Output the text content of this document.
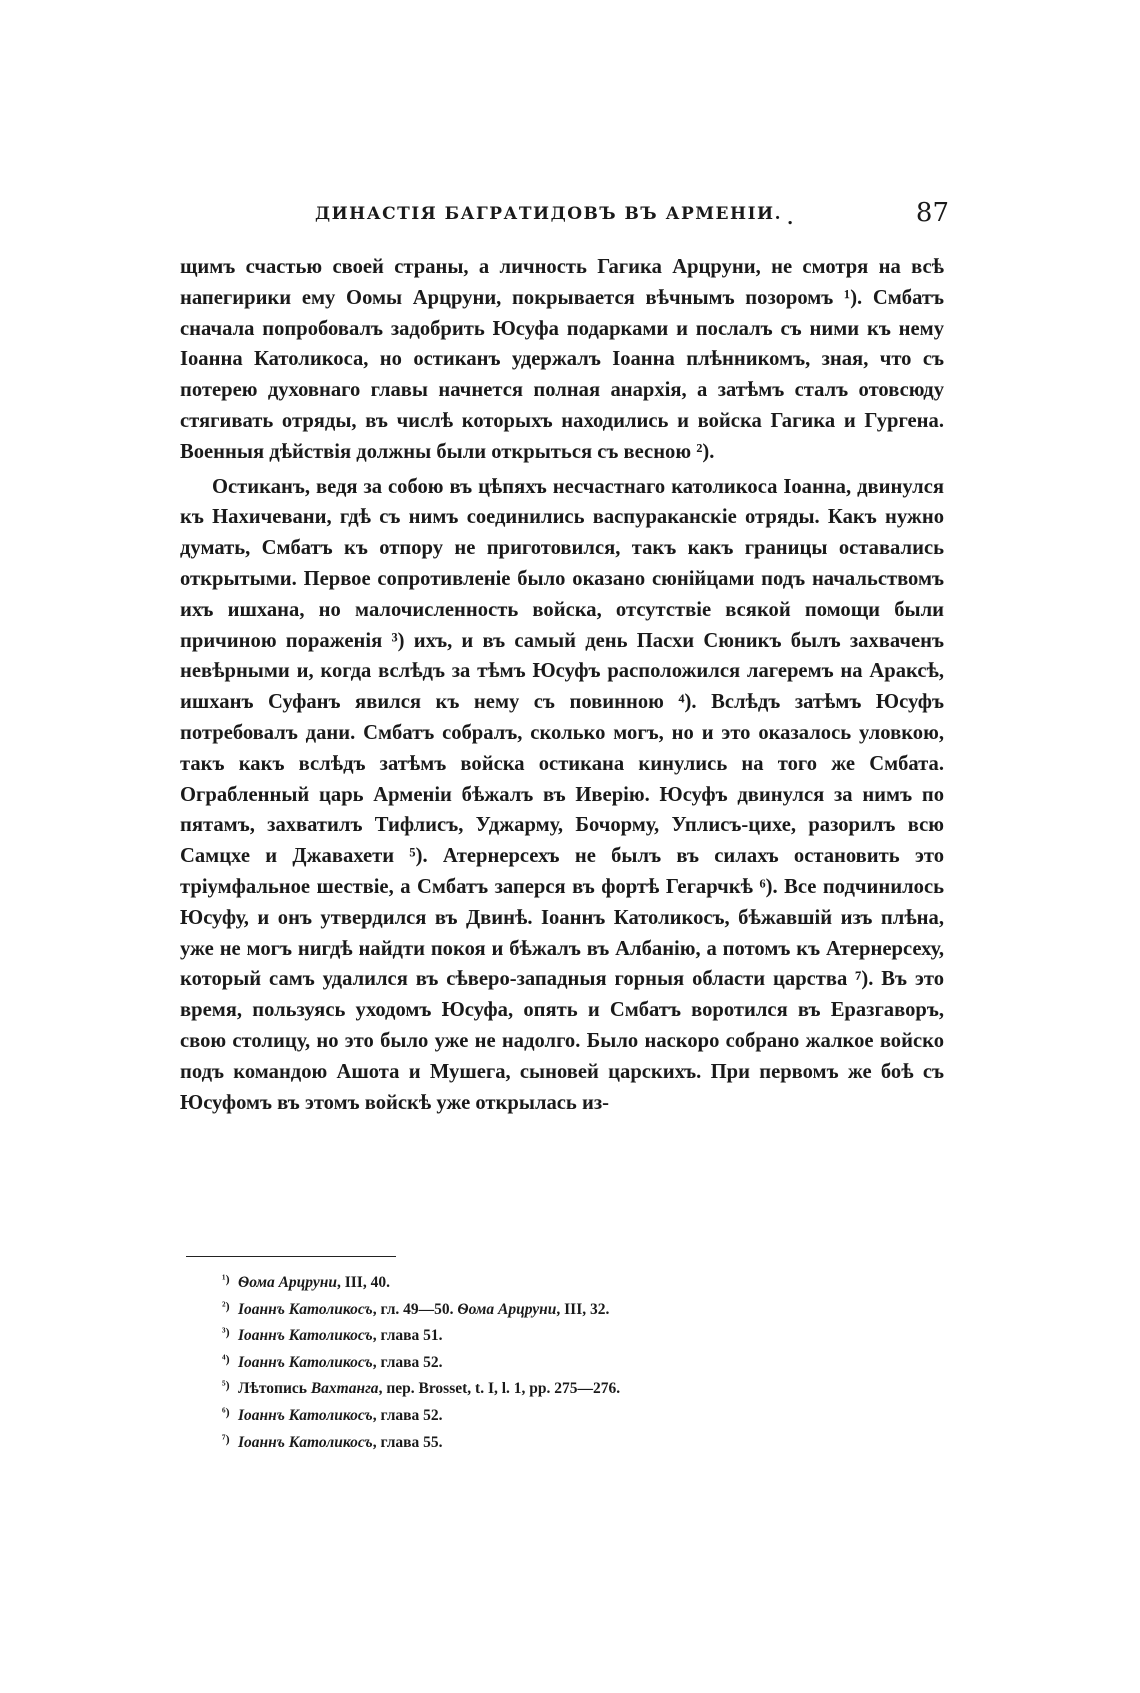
ДИНАСТІЯ БАГРАТИДОВЪ ВЪ АРМЕНІИ. .	87

щимъ счастью своей страны, а личность Гагика Арцруни, не смотря на всѣ напегирики ему Оомы Арцруни, покрывается вѣчнымъ позоромъ ¹). Смбатъ сначала попробовалъ задобрить Юсуфа подарками и послалъ съ ними къ нему Іоанна Католикоса, но остиканъ удержалъ Іоанна плѣнникомъ, зная, что съ потерею духовнаго главы начнется полная анархія, а затѣмъ сталъ отовсюду стягивать отряды, въ числѣ которыхъ находились и войска Гагика и Гургена. Военныя дѣйствія должны были открыться съ весною ²).

Остиканъ, ведя за собою въ цѣпяхъ несчастнаго католикоса Іоанна, двинулся къ Нахичевани, гдѣ съ нимъ соединились васпураканскіе отряды. Какъ нужно думать, Смбатъ къ отпору не приготовился, такъ какъ границы оставались открытыми. Первое сопротивленіе было оказано сюнійцами подъ начальствомъ ихъ ишхана, но малочисленность войска, отсутствіе всякой помощи были причиною пораженія ³) ихъ, и въ самый день Пасхи Сюникъ былъ захваченъ невѣрными и, когда вслѣдъ за тѣмъ Юсуфъ расположился лагеремъ на Араксѣ, ишханъ Суфанъ явился къ нему съ повинною ⁴). Вслѣдъ затѣмъ Юсуфъ потребовалъ дани. Смбатъ собралъ, сколько могъ, но и это оказалось уловкою, такъ какъ вслѣдъ затѣмъ войска остикана кинулись на того же Смбата. Ограбленный царь Арменіи бѣжалъ въ Иверію. Юсуфъ двинулся за нимъ по пятамъ, захватилъ Тифлисъ, Уджарму, Бочорму, Уплисъ-цихе, разорилъ всю Самцхе и Джавахети ⁵). Атернерсехъ не былъ въ силахъ остановить это тріумфальное шествіе, а Смбатъ заперся въ фортѣ Гегарчкѣ ⁶). Все подчинилось Юсуфу, и онъ утвердился въ Двинѣ. Іоаннъ Католикосъ, бѣжавшій изъ плѣна, уже не могъ нигдѣ найдти покоя и бѣжалъ въ Албанію, а потомъ къ Атернерсеху, который самъ удалился въ сѣверо-западныя горныя области царства ⁷). Въ это время, пользуясь уходомъ Юсуфа, опять и Смбатъ воротился въ Еразгаворъ, свою столицу, но это было уже не надолго. Было наскоро собрано жалкое войско подъ командою Ашота и Мушега, сыновей царскихъ. При первомъ же боѣ съ Юсуфомъ въ этомъ войскѣ уже открылась из-

¹) Ѳома Арцруни, III, 40.
²) Іоаннъ Католикосъ, гл. 49—50. Ѳома Арцруни, III, 32.
³) Іоаннъ Католикосъ, глава 51.
⁴) Іоаннъ Католикосъ, глава 52.
⁵) Лѣтопись Вахтанга, пер. Brosset, t. I, l. 1, pp. 275—276.
⁶) Іоаннъ Католикосъ, глава 52.
⁷) Іоаннъ Католикосъ, глава 55.
